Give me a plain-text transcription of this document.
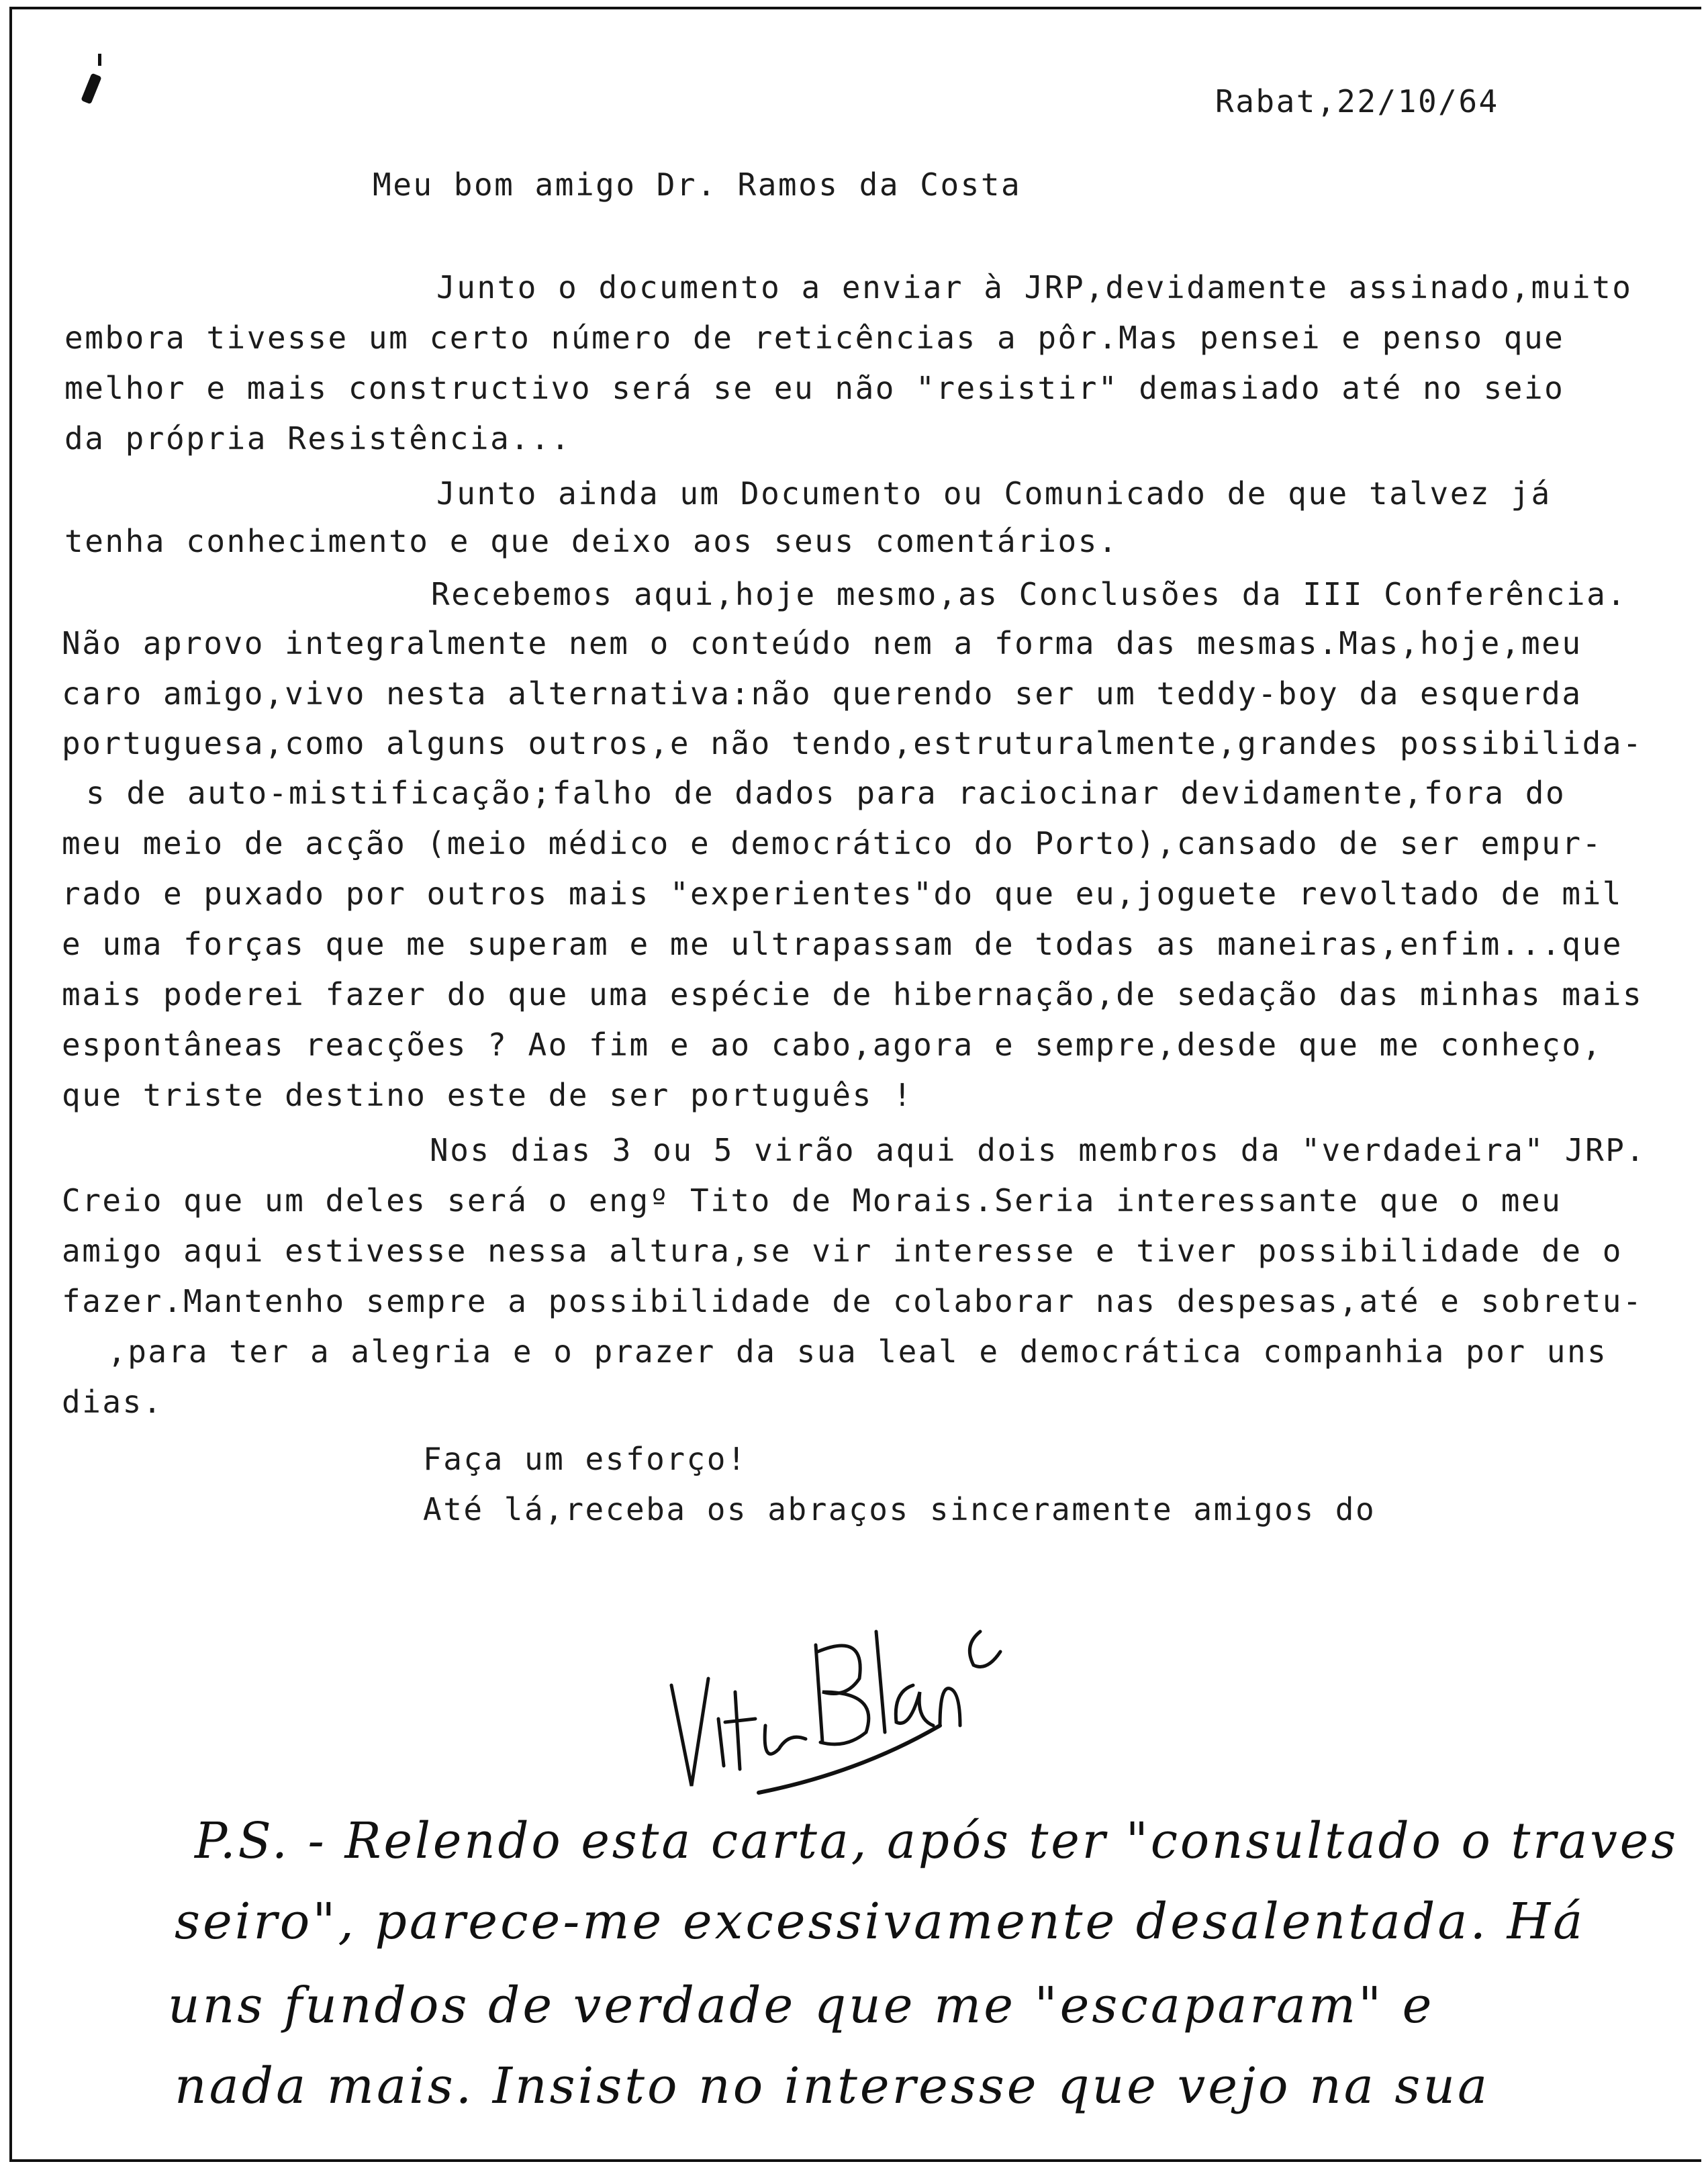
Rabat,22/10/64
Meu bom amigo Dr. Ramos da Costa
Junto o documento a enviar à JRP,devidamente assinado,muito
embora tivesse um certo número de reticências a pôr.Mas pensei e penso que
melhor e mais constructivo será se eu não "resistir" demasiado até no seio
da própria Resistência...
Junto ainda um Documento ou Comunicado de que talvez já
tenha conhecimento e que deixo aos seus comentários.
Recebemos aqui,hoje mesmo,as Conclusões da III Conferência.
Não aprovo integralmente nem o conteúdo nem a forma das mesmas.Mas,hoje,meu
caro amigo,vivo nesta alternativa:não querendo ser um teddy-boy da esquerda
portuguesa,como alguns outros,e não tendo,estruturalmente,grandes possibilida-
s de auto-mistificação;falho de dados para raciocinar devidamente,fora do
meu meio de acção (meio médico e democrático do Porto),cansado de ser empur-
rado e puxado por outros mais "experientes"do que eu,joguete revoltado de mil
e uma forças que me superam e me ultrapassam de todas as maneiras,enfim...que
mais poderei fazer do que uma espécie de hibernação,de sedação das minhas mais
espontâneas reacções ? Ao fim e ao cabo,agora e sempre,desde que me conheço,
que triste destino este de ser português !
Nos dias 3 ou 5 virão aqui dois membros da "verdadeira" JRP.
Creio que um deles será o engº Tito de Morais.Seria interessante que o meu
amigo aqui estivesse nessa altura,se vir interesse e tiver possibilidade de o
fazer.Mantenho sempre a possibilidade de colaborar nas despesas,até e sobretu-
,para ter a alegria e o prazer da sua leal e democrática companhia por uns
dias.
Faça um esforço!
Até lá,receba os abraços sinceramente amigos do
Vitor Blanc
P.S. - Relendo esta carta, após ter "consultado o traves
seiro", parece-me excessivamente desalentada. Há
uns fundos de verdade que me "escaparam" e
nada mais. Insisto no interesse que vejo na sua
